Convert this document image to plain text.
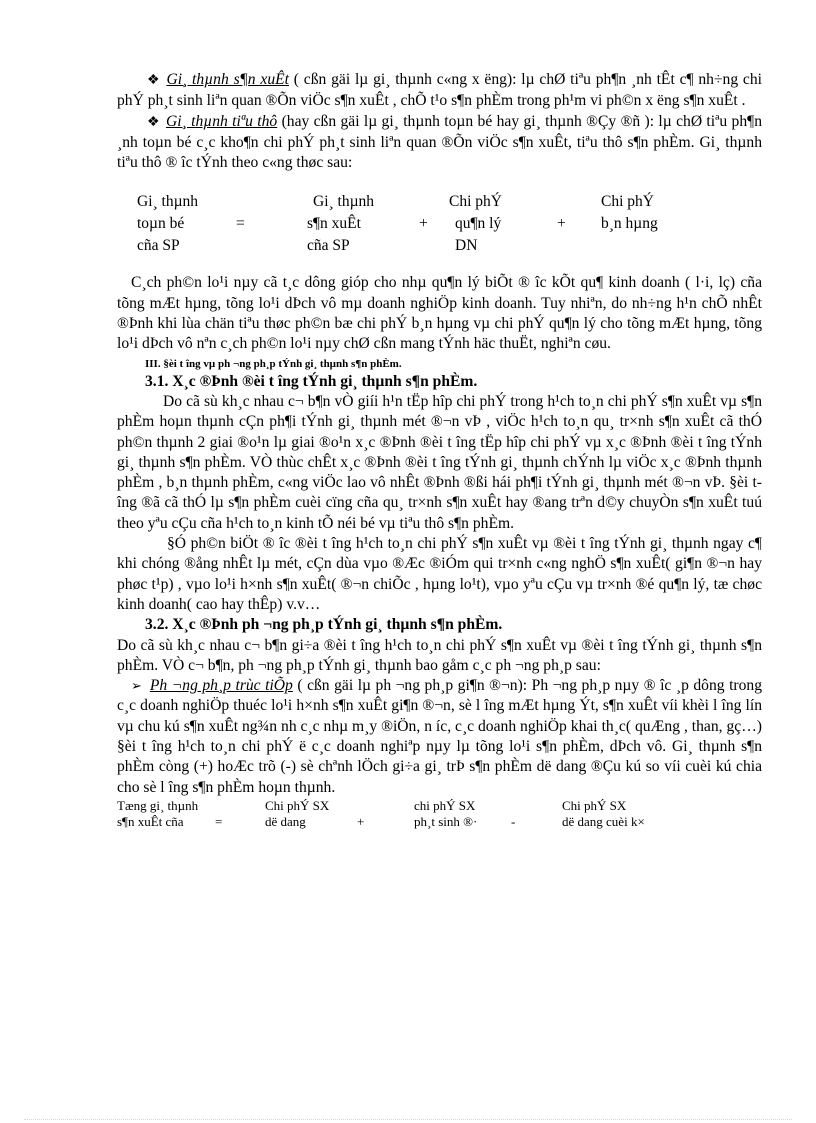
❖ Gi¸ thµnh s¶n xuÊt ( cßn gäi lµ gi¸ thµnh c«ng x ëng): lµ chØ tiªu ph¶n ¸nh tÊt c¶ nh÷ng chi phÝ ph¸t sinh liªn quan ®Õn viÖc s¶n xuÊt , chÕ t¹o s¶n phÈm trong ph¹m vi ph©n x ëng s¶n xuÊt .

❖ Gi¸ thµnh tiªu thô (hay cßn gäi lµ gi¸ thµnh toµn bé hay gi¸ thµnh ®Çy ®ñ ): lµ chØ tiªu ph¶n ¸nh toµn bé c¸c kho¶n chi phÝ ph¸t sinh liªn quan ®Õn viÖc s¶n xuÊt, tiªu thô s¶n phÈm. Gi¸ thµnh tiªu thô ® îc tÝnh theo c«ng thøc sau:

Gi¸ thµnh
toµn bé
cña SP
=
Gi¸ thµnh
s¶n xuÊt
cña SP
+
Chi phÝ
qu¶n lý
DN
+
Chi phÝ
b¸n hµng

C¸ch ph©n lo¹i nµy cã t¸c dông gióp cho nhµ qu¶n lý biÕt ® îc kÕt qu¶ kinh doanh ( l·i, lç) cña tõng mÆt hµng, tõng lo¹i dÞch vô mµ doanh nghiÖp kinh doanh. Tuy nhiªn, do nh÷ng h¹n chÕ nhÊt ®Þnh khi lùa chän tiªu thøc ph©n bæ chi phÝ b¸n hµng vµ chi phÝ qu¶n lý cho tõng mÆt hµng, tõng lo¹i dÞch vô nªn c¸ch ph©n lo¹i nµy chØ cßn mang tÝnh häc thuËt, nghiªn cøu.

III. §èi t îng vµ ph ¬ng ph¸p tÝnh gi¸ thµnh s¶n phÈm.

3.1. X¸c ®Þnh ®èi t îng tÝnh gi¸ thµnh s¶n phÈm.

Do cã sù kh¸c nhau c¬ b¶n vÒ giíi h¹n tËp hîp chi phÝ trong h¹ch to¸n chi phÝ s¶n xuÊt vµ s¶n phÈm hoµn thµnh cÇn ph¶i tÝnh gi¸ thµnh mét ®¬n vÞ , viÖc h¹ch to¸n qu¸ tr×nh s¶n xuÊt cã thÓ ph©n thµnh 2 giai ®o¹n lµ giai ®o¹n x¸c ®Þnh ®èi t îng tËp hîp chi phÝ vµ x¸c ®Þnh ®èi t îng tÝnh gi¸ thµnh s¶n phÈm. VÒ thùc chÊt x¸c ®Þnh ®èi t îng tÝnh gi¸ thµnh chÝnh lµ viÖc x¸c ®Þnh thµnh phÈm , b¸n thµnh phÈm, c«ng viÖc lao vô nhÊt ®Þnh ®ßi hái ph¶i tÝnh gi¸ thµnh mét ®¬n vÞ. §èi t îng ®ã cã thÓ lµ s¶n phÈm cuèi cïng cña qu¸ tr×nh s¶n xuÊt hay ®ang trªn d©y chuyÒn s¶n xuÊt tuú theo yªu cÇu cña h¹ch to¸n kinh tÕ néi bé vµ tiªu thô s¶n phÈm.

§Ó ph©n biÖt ® îc ®èi t îng h¹ch to¸n chi phÝ s¶n xuÊt vµ ®èi t îng tÝnh gi¸ thµnh ngay c¶ khi chóng ®ång nhÊt lµ mét, cÇn dùa vµo ®Æc ®iÓm qui tr×nh c«ng nghÖ s¶n xuÊt( gi¶n ®¬n hay phøc t¹p) , vµo lo¹i h×nh s¶n xuÊt( ®¬n chiÕc , hµng lo¹t), vµo yªu cÇu vµ tr×nh ®é qu¶n lý, tæ chøc kinh doanh( cao hay thÊp) v.v…

3.2. X¸c ®Þnh ph ¬ng ph¸p tÝnh gi¸ thµnh s¶n phÈm.

Do cã sù kh¸c nhau c¬ b¶n gi÷a ®èi t îng h¹ch to¸n chi phÝ s¶n xuÊt vµ ®èi t îng tÝnh gi¸ thµnh s¶n phÈm. VÒ c¬ b¶n, ph ¬ng ph¸p tÝnh gi¸ thµnh bao gåm c¸c ph ¬ng ph¸p sau:

➢ Ph ¬ng ph¸p trùc tiÕp ( cßn gäi lµ ph ¬ng ph¸p gi¶n ®¬n): Ph ¬ng ph¸p nµy ® îc ¸p dông trong c¸c doanh nghiÖp thuéc lo¹i h×nh s¶n xuÊt gi¶n ®¬n, sè l îng mÆt hµng Ýt, s¶n xuÊt víi khèi l îng lín vµ chu kú s¶n xuÊt ng¾n nh c¸c nhµ m¸y ®iÖn, n íc, c¸c doanh nghiÖp khai th¸c( quÆng , than, gç…) §èi t îng h¹ch to¸n chi phÝ ë c¸c doanh nghiªp nµy lµ tõng lo¹i s¶n phÈm, dÞch vô. Gi¸ thµnh s¶n phÈm còng (+) hoÆc trõ (-) sè chªnh lÖch gi÷a gi¸ trÞ s¶n phÈm dë dang ®Çu kú so víi cuèi kú chia cho sè l îng s¶n phÈm hoµn thµnh.

Tæng gi¸ thµnh
s¶n xuÊt cña =
Chi phÝ SX
dë dang	+
chi phÝ SX
ph¸t sinh ®·	-
Chi phÝ SX
dë dang cuèi k×
